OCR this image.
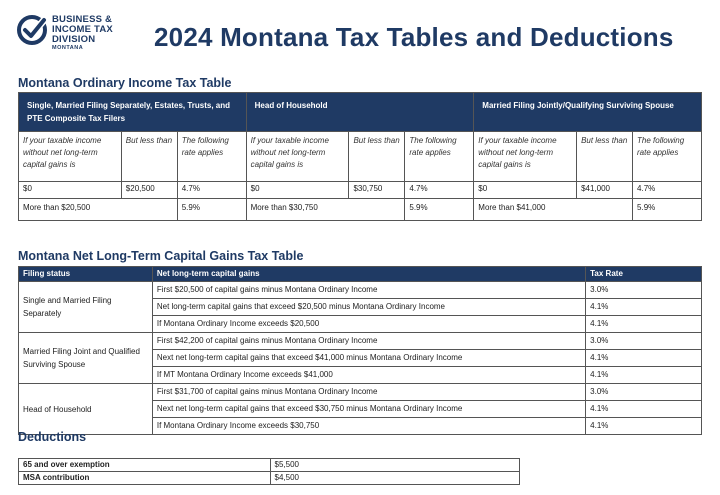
BUSINESS &
INCOME TAX
DIVISION
MONTANA	2024 Montana Tax Tables and Deductions
Montana Ordinary Income Tax Table
Single, Married Filing Separately, Estates, Trusts, and PTE Composite Tax Filers			Head of Household			Married Filing Jointly/Qualifying Surviving Spouse		
If your taxable income without net long-term capital gains is	But less than	The following rate applies	If your taxable income without net long-term capital gains is	But less than	The following rate applies	If your taxable income without net long-term capital gains is	But less than	The following rate applies
$0	$20,500	4.7%	$0	$30,750	4.7%	$0	$41,000	4.7%
More than $20,500		5.9%	More than $30,750		5.9%	More than $41,000		5.9%
Montana Net Long-Term Capital Gains Tax Table
Filing status	Net long-term capital gains	Tax Rate
Single and Married Filing Separately	First $20,500 of capital gains minus Montana Ordinary Income	3.0%
	Net long-term capital gains that exceed $20,500 minus Montana Ordinary Income	4.1%
	If Montana Ordinary Income exceeds $20,500	4.1%
Married Filing Joint and Qualified Surviving Spouse	First $42,200 of capital gains minus Montana Ordinary Income	3.0%
	Next net long-term capital gains that exceed $41,000 minus Montana Ordinary Income	4.1%
	If MT Montana Ordinary Income exceeds $41,000	4.1%
Head of Household	First $31,700 of capital gains minus Montana Ordinary Income	3.0%
	Next net long-term capital gains that exceed $30,750 minus Montana Ordinary Income	4.1%
	If Montana Ordinary Income exceeds $30,750	4.1%
Deductions
65 and over exemption	$5,500
MSA contribution	$4,500
